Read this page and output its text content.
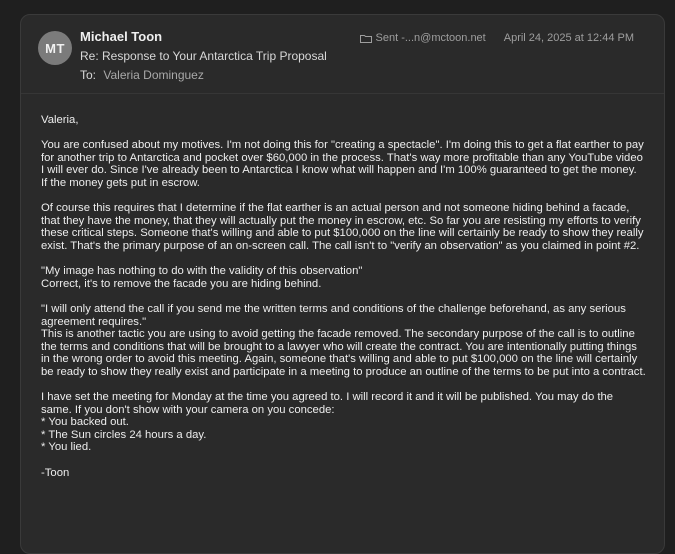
MT
Michael Toon
Re: Response to Your Antarctica Trip Proposal
To: Valeria Dominguez
Sent -...n@mctoon.net April 24, 2025 at 12:44 PM

Valeria,

You are confused about my motives. I'm not doing this for "creating a spectacle". I'm doing this to get a flat earther to pay for another trip to Antarctica and pocket over $60,000 in the process. That's way more profitable than any YouTube video I will ever do. Since I've already been to Antarctica I know what will happen and I'm 100% guaranteed to get the money. If the money gets put in escrow.

Of course this requires that I determine if the flat earther is an actual person and not someone hiding behind a facade, that they have the money, that they will actually put the money in escrow, etc. So far you are resisting my efforts to verify these critical steps. Someone that's willing and able to put $100,000 on the line will certainly be ready to show they really exist. That's the primary purpose of an on-screen call. The call isn't to "verify an observation" as you claimed in point #2.

"My image has nothing to do with the validity of this observation"
Correct, it's to remove the facade you are hiding behind.

"I will only attend the call if you send me the written terms and conditions of the challenge beforehand, as any serious agreement requires."
This is another tactic you are using to avoid getting the facade removed. The secondary purpose of the call is to outline the terms and conditions that will be brought to a lawyer who will create the contract. You are intentionally putting things in the wrong order to avoid this meeting. Again, someone that's willing and able to put $100,000 on the line will certainly be ready to show they really exist and participate in a meeting to produce an outline of the terms to be put into a contract.

I have set the meeting for Monday at the time you agreed to. I will record it and it will be published. You may do the same. If you don't show with your camera on you concede:
* You backed out.
* The Sun circles 24 hours a day.
* You lied.

-Toon
